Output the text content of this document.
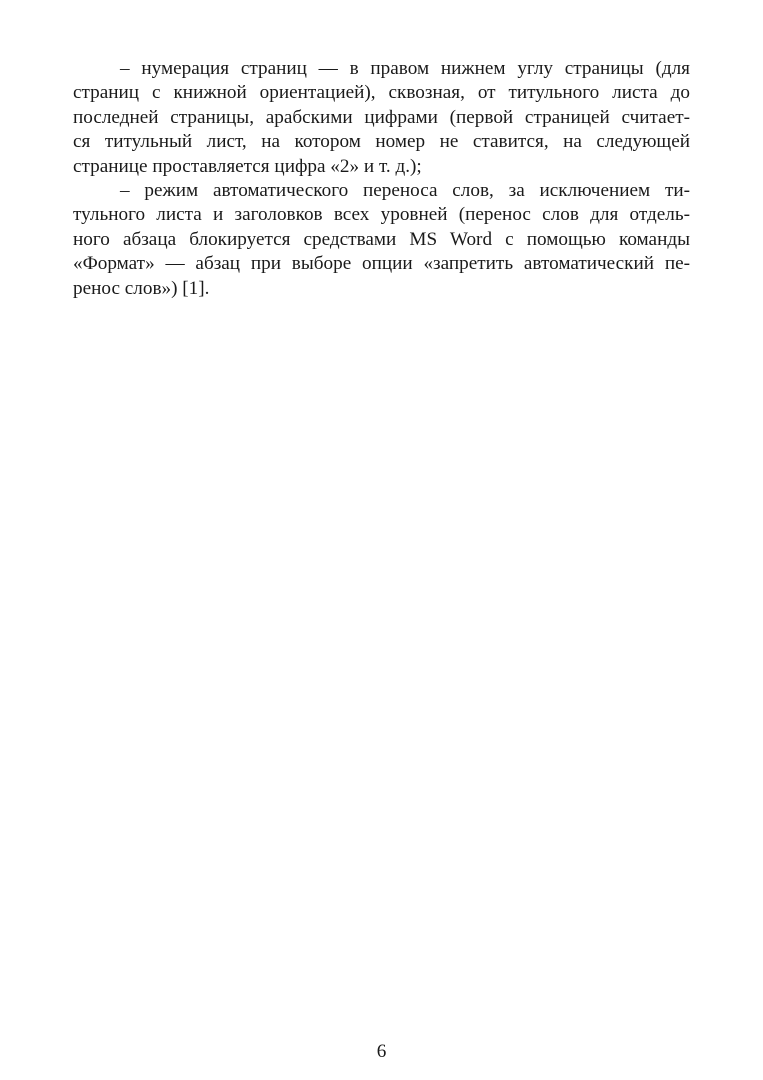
– нумерация страниц — в правом нижнем углу страницы (для
страниц с книжной ориентацией), сквозная, от титульного листа до
последней страницы, арабскими цифрами (первой страницей считает-
ся титульный лист, на котором номер не ставится, на следующей
странице проставляется цифра «2» и т. д.);
– режим автоматического переноса слов, за исключением ти-
тульного листа и заголовков всех уровней (перенос слов для отдель-
ного абзаца блокируется средствами MS Word с помощью команды
«Формат» — абзац при выборе опции «запретить автоматический пе-
ренос слов») [1].
6
